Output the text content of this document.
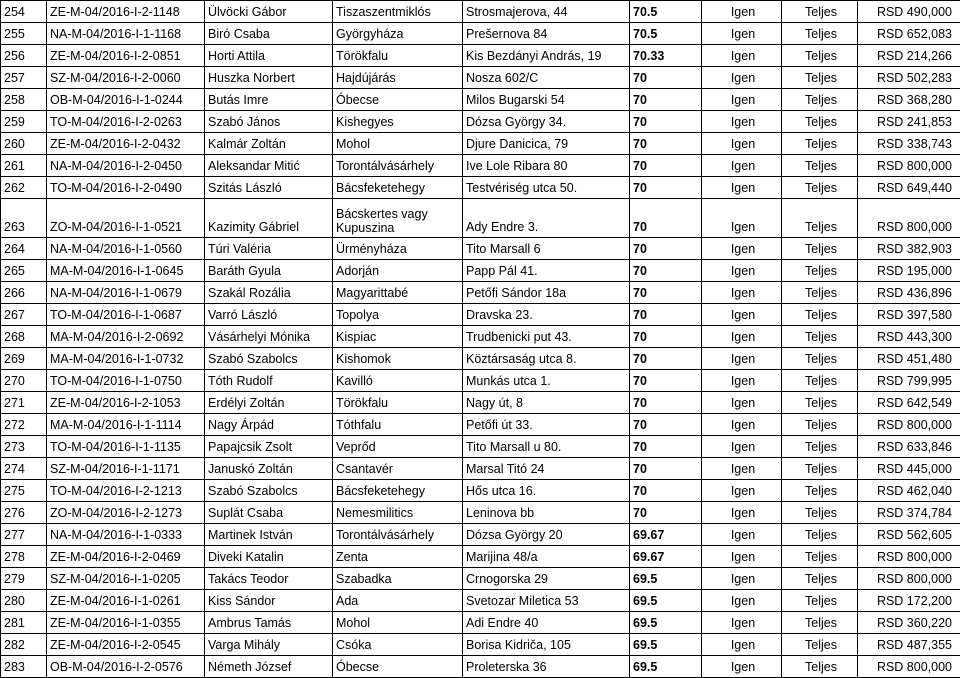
254	ZE-M-04/2016-I-2-1148	Ülvöcki Gábor	Tiszaszentmiklós	Strosmajerova, 44	70.5	Igen	Teljes	RSD 490,000
255	NA-M-04/2016-I-1-1168	Biró Csaba	Györgyháza	Prešernova 84	70.5	Igen	Teljes	RSD 652,083
256	ZE-M-04/2016-I-2-0851	Horti Attila	Törökfalu	Kis Bezdányi András, 19	70.33	Igen	Teljes	RSD 214,266
257	SZ-M-04/2016-I-2-0060	Huszka Norbert	Hajdújárás	Nosza 602/C	70	Igen	Teljes	RSD 502,283
258	OB-M-04/2016-I-1-0244	Butás Imre	Óbecse	Milos Bugarski 54	70	Igen	Teljes	RSD 368,280
259	TO-M-04/2016-I-2-0263	Szabó János	Kishegyes	Dózsa György 34.	70	Igen	Teljes	RSD 241,853
260	ZE-M-04/2016-I-2-0432	Kalmár Zoltán	Mohol	Djure Danicica, 79	70	Igen	Teljes	RSD 338,743
261	NA-M-04/2016-I-2-0450	Aleksandar Mitić	Torontálvásárhely	Ive Lole Ribara 80	70	Igen	Teljes	RSD 800,000
262	TO-M-04/2016-I-2-0490	Szitás László	Bácsfeketehegy	Testvériség utca 50.	70	Igen	Teljes	RSD 649,440
263	ZO-M-04/2016-I-1-0521	Kazimity Gábriel	Bácskertes vagy Kupuszina	Ady Endre 3.	70	Igen	Teljes	RSD 800,000
264	NA-M-04/2016-I-1-0560	Túri Valéria	Ürményháza	Tito Marsall 6	70	Igen	Teljes	RSD 382,903
265	MA-M-04/2016-I-1-0645	Baráth Gyula	Adorján	Papp Pál 41.	70	Igen	Teljes	RSD 195,000
266	NA-M-04/2016-I-1-0679	Szakál Rozália	Magyarittabé	Petőfi Sándor 18a	70	Igen	Teljes	RSD 436,896
267	TO-M-04/2016-I-1-0687	Varró László	Topolya	Dravska 23.	70	Igen	Teljes	RSD 397,580
268	MA-M-04/2016-I-2-0692	Vásárhelyi Mónika	Kispiac	Trudbenicki put 43.	70	Igen	Teljes	RSD 443,300
269	MA-M-04/2016-I-1-0732	Szabó Szabolcs	Kishomok	Köztársaság utca 8.	70	Igen	Teljes	RSD 451,480
270	TO-M-04/2016-I-1-0750	Tóth Rudolf	Kavilló	Munkás utca 1.	70	Igen	Teljes	RSD 799,995
271	ZE-M-04/2016-I-2-1053	Erdélyi Zoltán	Törökfalu	Nagy út, 8	70	Igen	Teljes	RSD 642,549
272	MA-M-04/2016-I-1-1114	Nagy Árpád	Tóthfalu	Petőfi út 33.	70	Igen	Teljes	RSD 800,000
273	TO-M-04/2016-I-1-1135	Papajcsik Zsolt	Veprőd	Tito Marsall u 80.	70	Igen	Teljes	RSD 633,846
274	SZ-M-04/2016-I-1-1171	Januskó Zoltán	Csantavér	Marsal Titó 24	70	Igen	Teljes	RSD 445,000
275	TO-M-04/2016-I-2-1213	Szabó Szabolcs	Bácsfeketehegy	Hős utca 16.	70	Igen	Teljes	RSD 462,040
276	ZO-M-04/2016-I-2-1273	Suplát Csaba	Nemesmilitics	Leninova bb	70	Igen	Teljes	RSD 374,784
277	NA-M-04/2016-I-1-0333	Martinek István	Torontálvásárhely	Dózsa György 20	69.67	Igen	Teljes	RSD 562,605
278	ZE-M-04/2016-I-2-0469	Diveki Katalin	Zenta	Marijina 48/a	69.67	Igen	Teljes	RSD 800,000
279	SZ-M-04/2016-I-1-0205	Takács Teodor	Szabadka	Crnogorska 29	69.5	Igen	Teljes	RSD 800,000
280	ZE-M-04/2016-I-1-0261	Kiss Sándor	Ada	Svetozar Miletica 53	69.5	Igen	Teljes	RSD 172,200
281	ZE-M-04/2016-I-1-0355	Ambrus Tamás	Mohol	Adi Endre 40	69.5	Igen	Teljes	RSD 360,220
282	ZE-M-04/2016-I-2-0545	Varga Mihály	Csóka	Borisa Kidriča, 105	69.5	Igen	Teljes	RSD 487,355
283	OB-M-04/2016-I-2-0576	Németh József	Óbecse	Proleterska 36	69.5	Igen	Teljes	RSD 800,000
